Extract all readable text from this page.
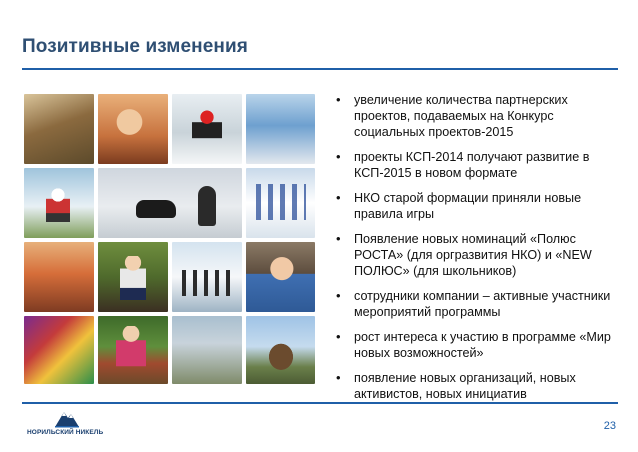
Позитивные изменения
• увеличение количества партнерских проектов, подаваемых на Конкурс социальных проектов-2015
• проекты КСП-2014 получают развитие в КСП-2015 в новом формате
• НКО старой формации приняли новые правила игры
• Появление новых номинаций «Полюс РОСТА» (для оргразвития НКО) и «NEW ПОЛЮС» (для школьников)
• сотрудники компании – активные участники мероприятий программы
• рост интереса к участию в программе «Мир новых возможностей»
• появление новых организаций, новых активистов, новых инициатив
НОРИЛЬСКИЙ НИКЕЛЬ
23
